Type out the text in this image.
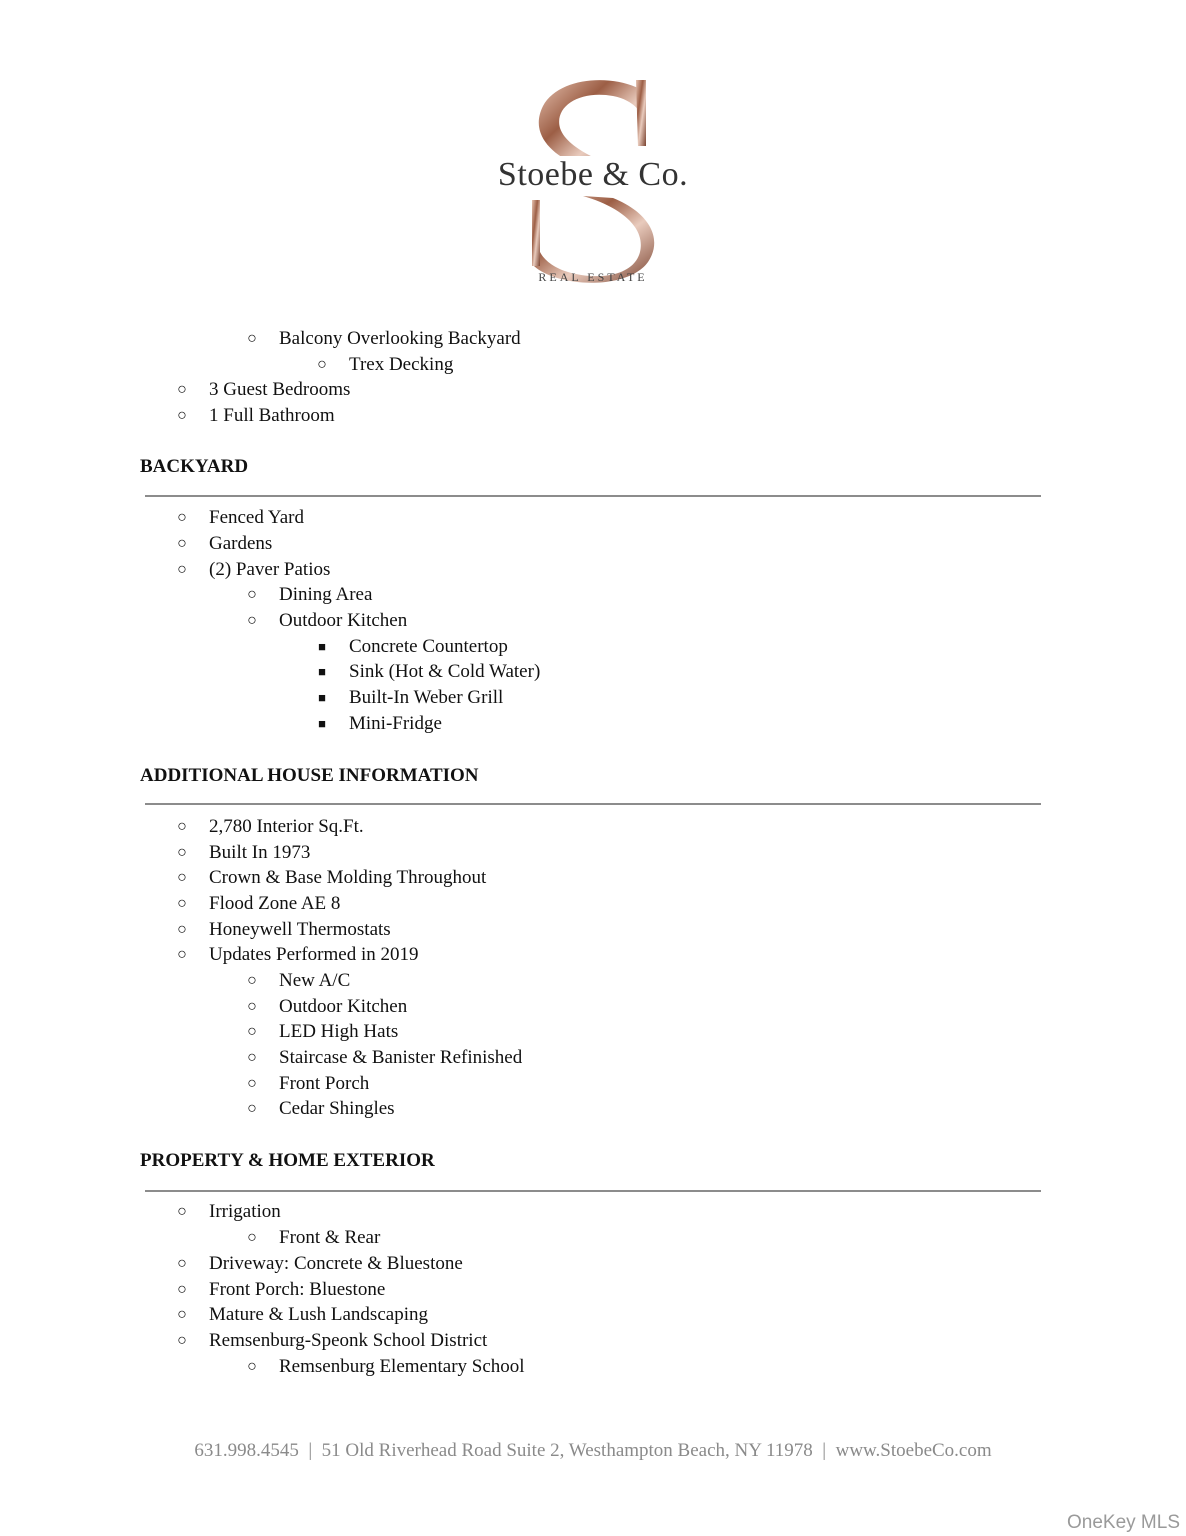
Stoebe & Co.
REAL ESTATE
○ Balcony Overlooking Backyard
○ Trex Decking
○ 3 Guest Bedrooms
○ 1 Full Bathroom
BACKYARD
○ Fenced Yard
○ Gardens
○ (2) Paver Patios
○ Dining Area
○ Outdoor Kitchen
■ Concrete Countertop
■ Sink (Hot & Cold Water)
■ Built-In Weber Grill
■ Mini-Fridge
ADDITIONAL HOUSE INFORMATION
○ 2,780 Interior Sq.Ft.
○ Built In 1973
○ Crown & Base Molding Throughout
○ Flood Zone AE 8
○ Honeywell Thermostats
○ Updates Performed in 2019
○ New A/C
○ Outdoor Kitchen
○ LED High Hats
○ Staircase & Banister Refinished
○ Front Porch
○ Cedar Shingles
PROPERTY & HOME EXTERIOR
○ Irrigation
○ Front & Rear
○ Driveway: Concrete & Bluestone
○ Front Porch: Bluestone
○ Mature & Lush Landscaping
○ Remsenburg-Speonk School District
○ Remsenburg Elementary School
631.998.4545  |  51 Old Riverhead Road Suite 2, Westhampton Beach, NY 11978  |  www.StoebeCo.com
OneKey MLS
